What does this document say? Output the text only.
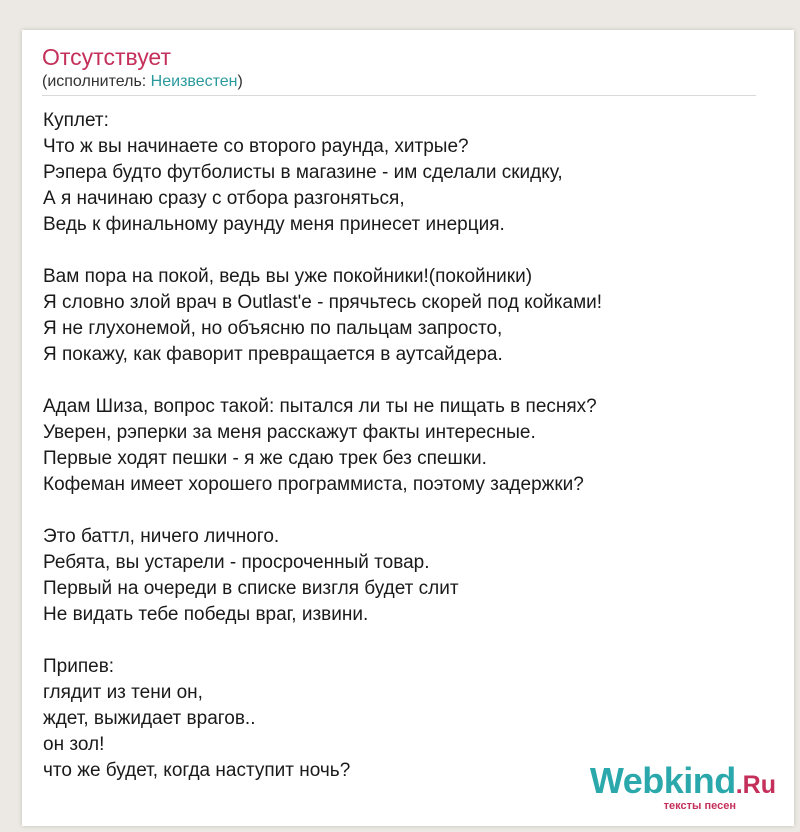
Отсутствует
(исполнитель: Неизвестен)
Куплет:
Что ж вы начинаете со второго раунда, хитрые?
Рэпера будто футболисты в магазине - им сделали скидку,
А я начинаю сразу с отбора разгоняться,
Ведь к финальному раунду меня принесет инерция.
Вам пора на покой, ведь вы уже покойники!(покойники)
Я словно злой врач в Outlast'e - прячьтесь скорей под койками!
Я не глухонемой, но объясню по пальцам запросто,
Я покажу, как фаворит превращается в аутсайдера.
Адам Шиза, вопрос такой: пытался ли ты не пищать в песнях?
Уверен, рэперки за меня расскажут факты интересные.
Первые ходят пешки - я же сдаю трек без спешки.
Кофеман имеет хорошего программиста, поэтому задержки?
Это баттл, ничего личного.
Ребята, вы устарели - просроченный товар.
Первый на очереди в списке визгля будет слит
Не видать тебе победы враг, извини.
Припев:
глядит из тени он,
ждет, выжидает врагов..
он зол!
что же будет, когда наступит ночь?	Webkind.Ru
тексты песен
